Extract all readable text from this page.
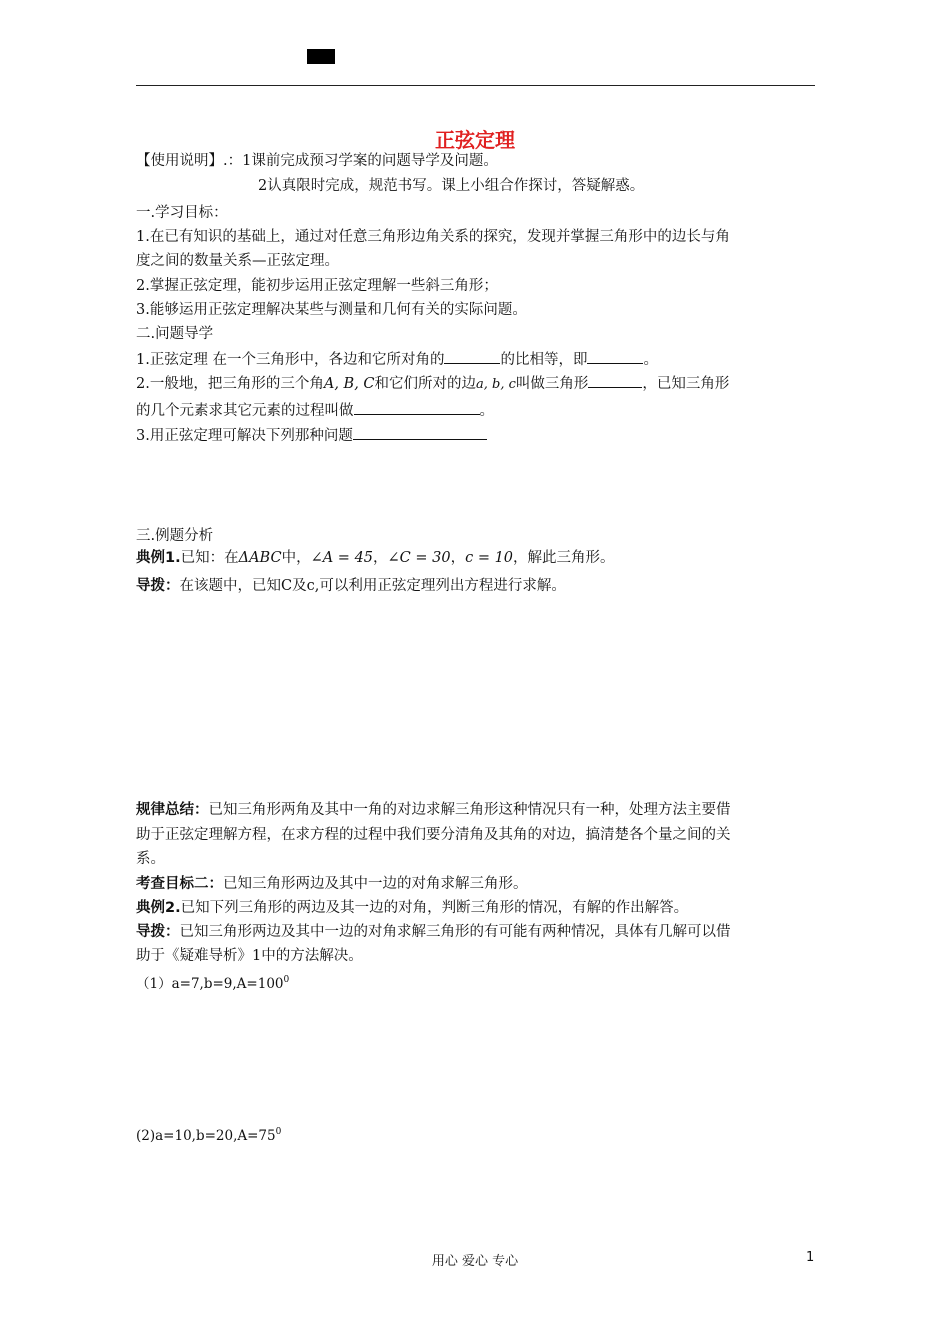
正弦定理
【使用说明】.：1课前完成预习学案的问题导学及问题。
2认真限时完成，规范书写。课上小组合作探讨，答疑解惑。
一.学习目标：
1.在已有知识的基础上，通过对任意三角形边角关系的探究，发现并掌握三角形中的边长与角
度之间的数量关系—正弦定理。
2.掌握正弦定理，能初步运用正弦定理解一些斜三角形；
3.能够运用正弦定理解决某些与测量和几何有关的实际问题。
二.问题导学
1.正弦定理 在一个三角形中，各边和它所对角的	的比相等，即	。
2.一般地，把三角形的三个角A, B, C和它们所对的边a, b, c叫做三角形	，已知三角形
的几个元素求其它元素的过程叫做	。
3.用正弦定理可解决下列那种问题
三.例题分析
典例1.已知：在ΔABC中，∠A = 45，∠C = 30，c = 10，解此三角形。
导拨：在该题中，已知C及c,可以利用正弦定理列出方程进行求解。
规律总结：已知三角形两角及其中一角的对边求解三角形这种情况只有一种，处理方法主要借
助于正弦定理解方程，在求方程的过程中我们要分清角及其角的对边，搞清楚各个量之间的关
系。
考查目标二：已知三角形两边及其中一边的对角求解三角形。
典例2.已知下列三角形的两边及其一边的对角，判断三角形的情况，有解的作出解答。
导拨：已知三角形两边及其中一边的对角求解三角形的有可能有两种情况，具体有几解可以借
助于《疑难导析》1中的方法解决。
$(1)a=7,b=9,A=100^0$
$(2)a=10,b=20,A=75^0$
用心 爱心 专心	1
